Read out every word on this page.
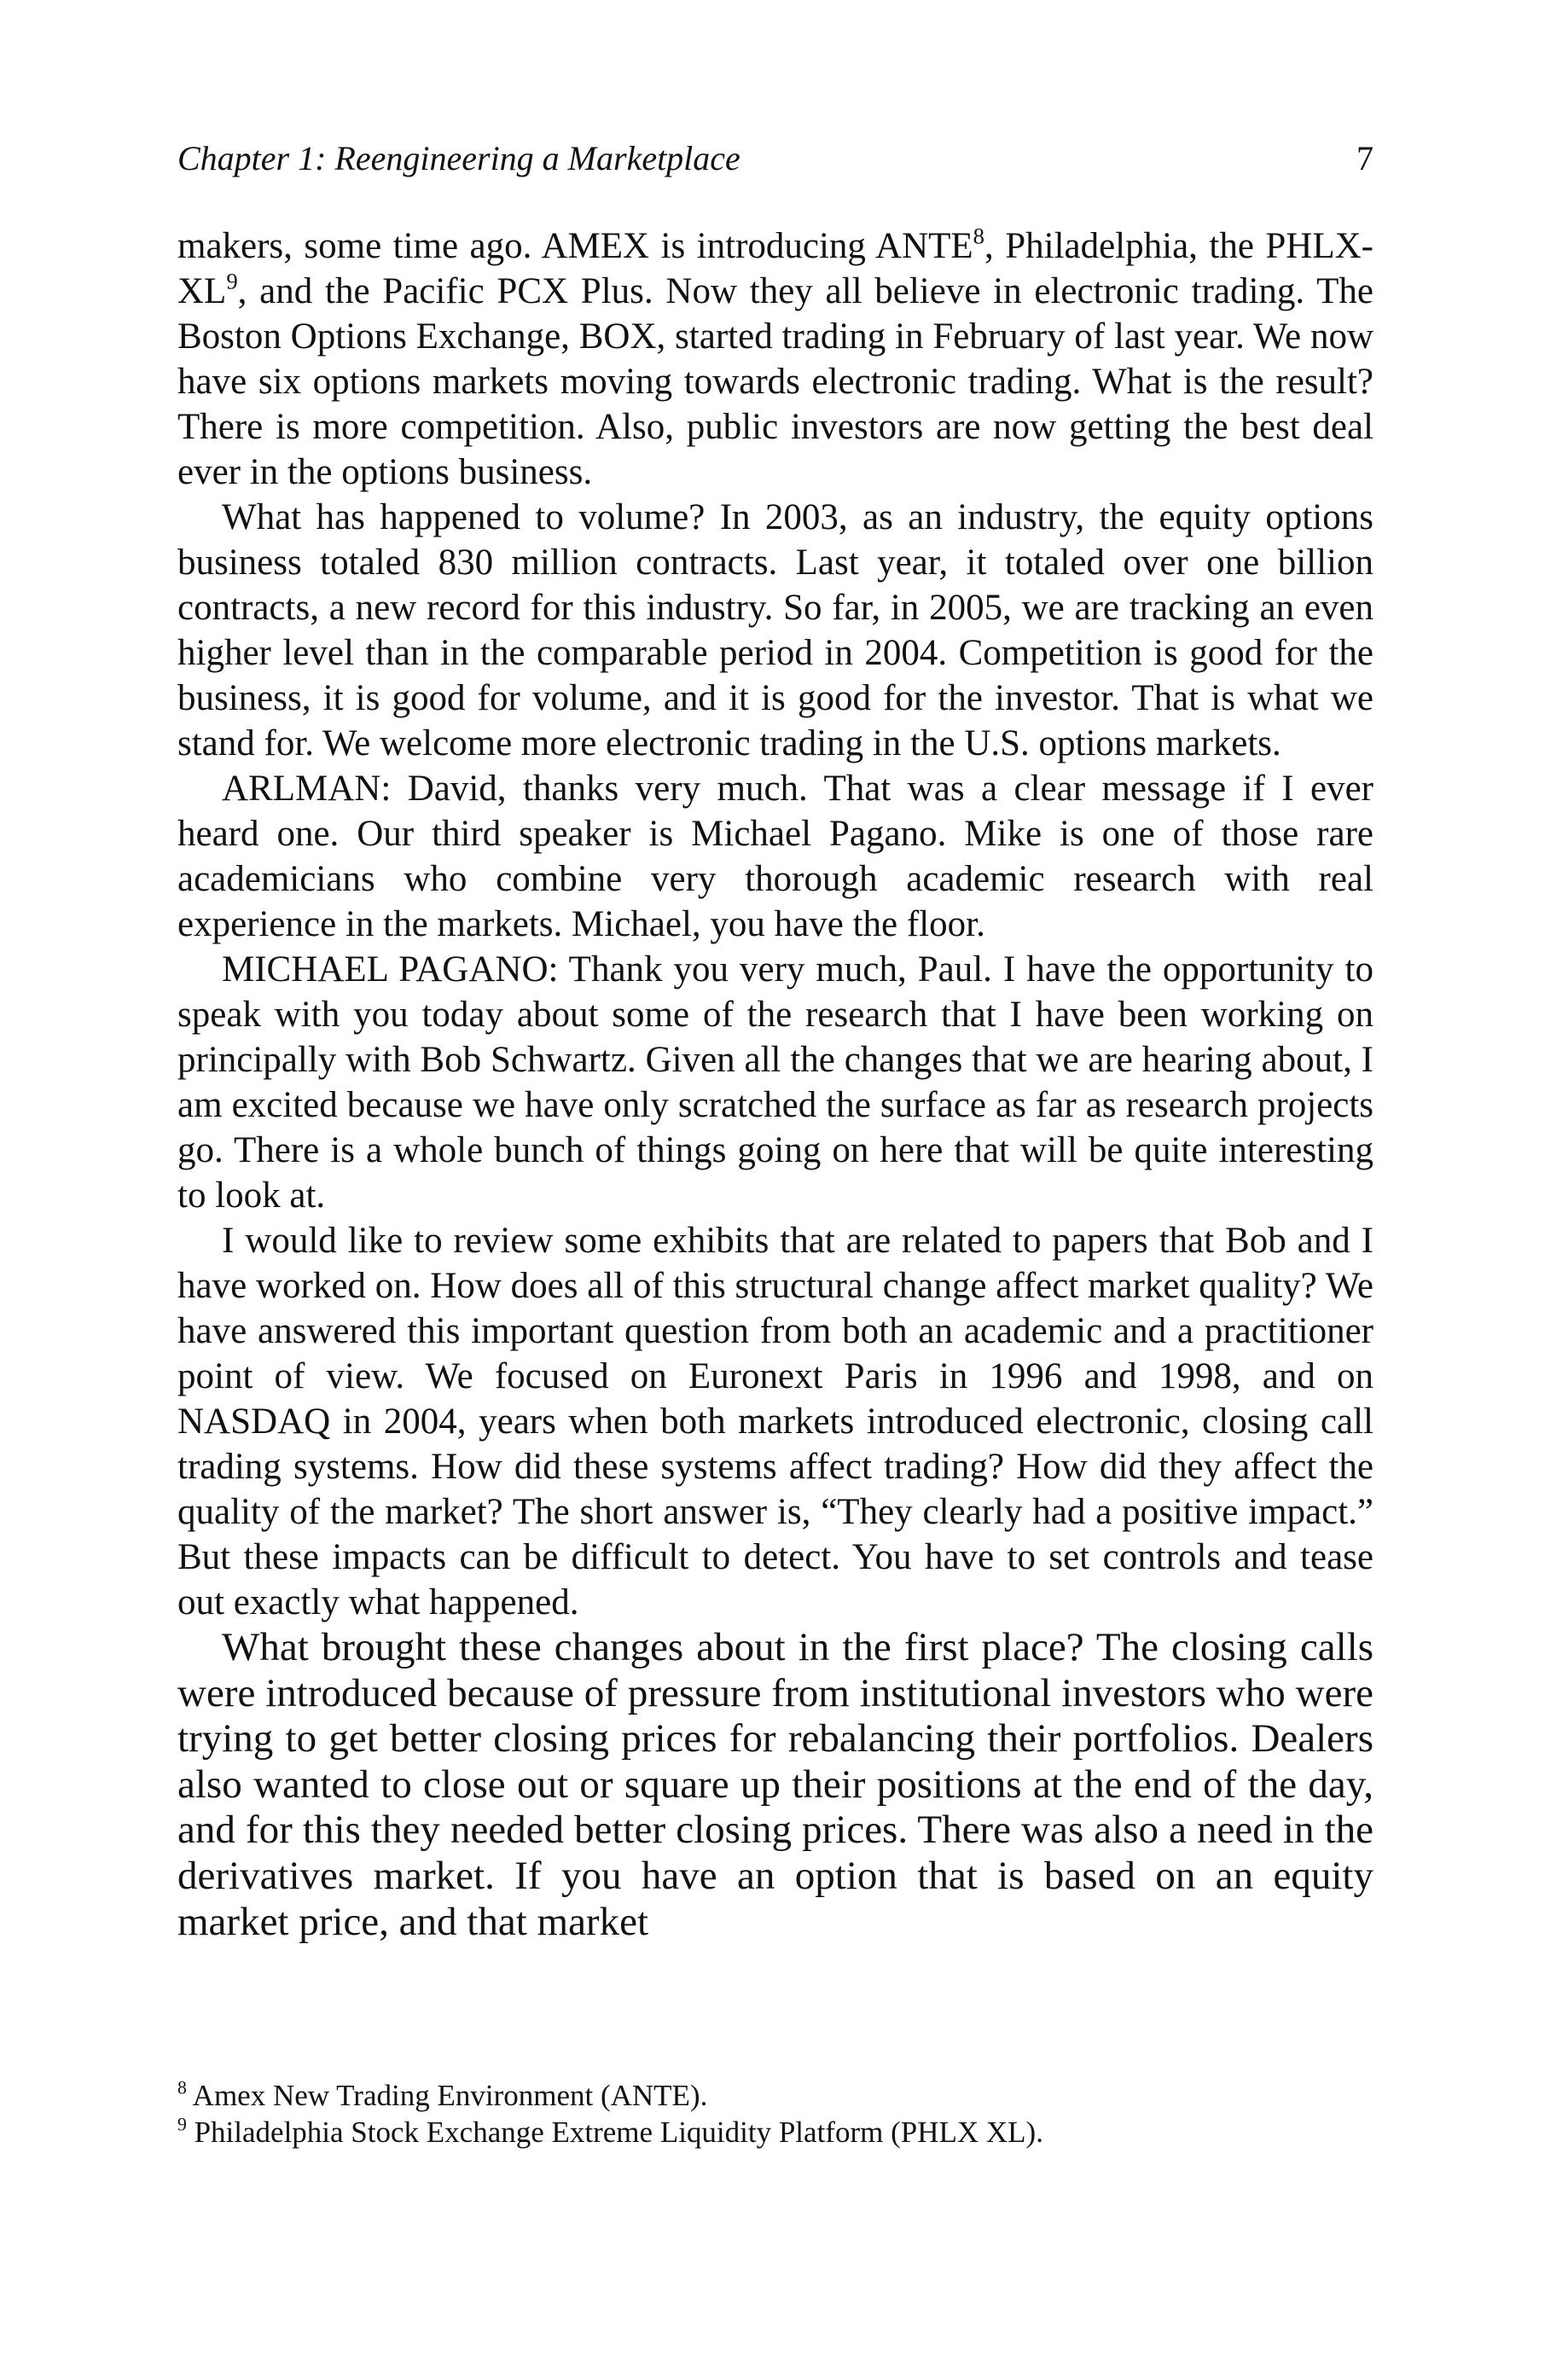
Chapter 1: Reengineering a Marketplace	7

makers, some time ago. AMEX is introducing ANTE$^8$, Philadelphia, the PHLX-$XL^9$, and the Pacific PCX Plus. Now they all believe in electronic trading. The Boston Options Exchange, BOX, started trading in February of last year. We now have six options markets moving towards electronic trading. What is the result? There is more competition. Also, public investors are now getting the best deal ever in the options business.

What has happened to volume? In 2003, as an industry, the equity options business totaled 830 million contracts. Last year, it totaled over one billion contracts, a new record for this industry. So far, in 2005, we are tracking an even higher level than in the comparable period in 2004. Competition is good for the business, it is good for volume, and it is good for the investor. That is what we stand for. We welcome more electronic trading in the U.S. options markets.

ARLMAN: David, thanks very much. That was a clear message if I ever heard one. Our third speaker is Michael Pagano. Mike is one of those rare academicians who combine very thorough academic research with real experience in the markets. Michael, you have the floor.

MICHAEL PAGANO: Thank you very much, Paul. I have the opportunity to speak with you today about some of the research that I have been working on principally with Bob Schwartz. Given all the changes that we are hearing about, I am excited because we have only scratched the surface as far as research projects go. There is a whole bunch of things going on here that will be quite interesting to look at.

I would like to review some exhibits that are related to papers that Bob and I have worked on. How does all of this structural change affect market quality? We have answered this important question from both an academic and a practitioner point of view. We focused on Euronext Paris in 1996 and 1998, and on NASDAQ in 2004, years when both markets introduced electronic, closing call trading systems. How did these systems affect trading? How did they affect the quality of the market? The short answer is, “They clearly had a positive impact.” But these impacts can be difficult to detect. You have to set controls and tease out exactly what happened.

What brought these changes about in the first place? The closing calls were introduced because of pressure from institutional investors who were trying to get better closing prices for rebalancing their portfolios. Dealers also wanted to close out or square up their positions at the end of the day, and for this they needed better closing prices. There was also a need in the derivatives market. If you have an option that is based on an equity market price, and that market

$^8$ Amex New Trading Environment (ANTE).

$^9$ Philadelphia Stock Exchange Extreme Liquidity Platform (PHLX XL).
